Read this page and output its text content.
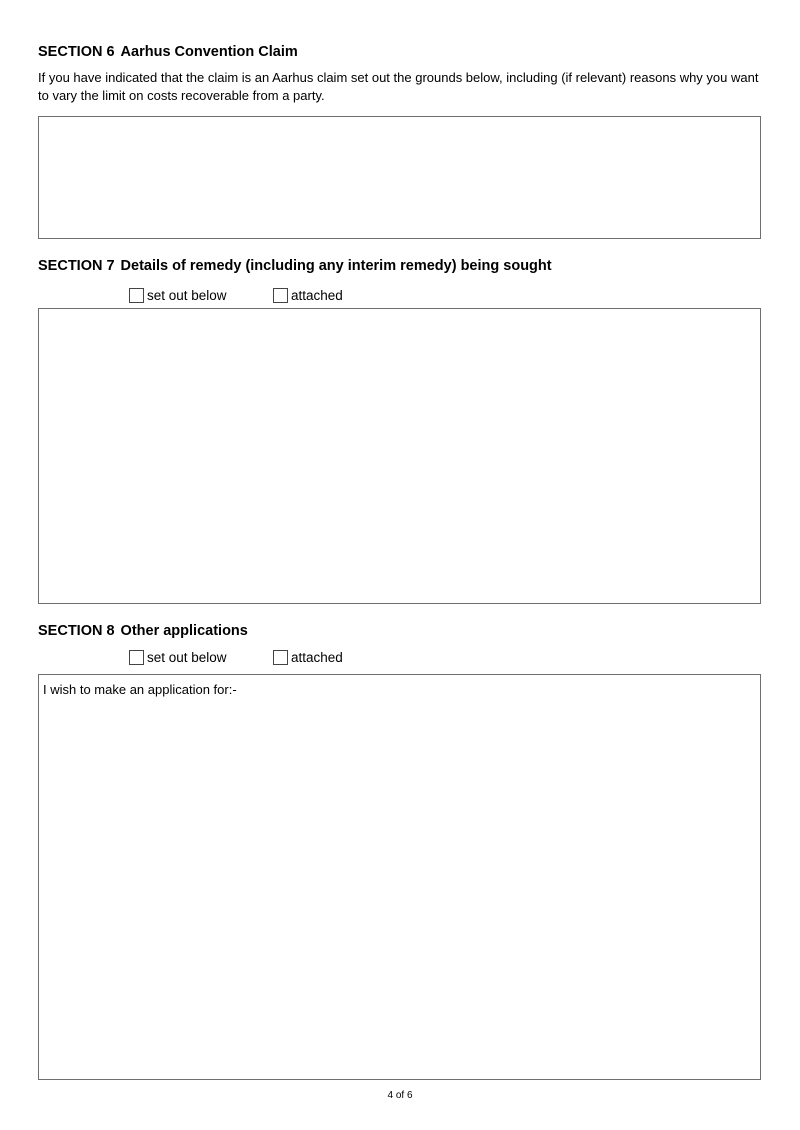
SECTION 6 Aarhus Convention Claim

If you have indicated that the claim is an Aarhus claim set out the grounds below, including (if relevant) reasons why you want to vary the limit on costs recoverable from a party.

SECTION 7 Details of remedy (including any interim remedy) being sought
set out below	attached
SECTION 8 Other applications
set out below	attached
I wish to make an application for:-
4 of 6
